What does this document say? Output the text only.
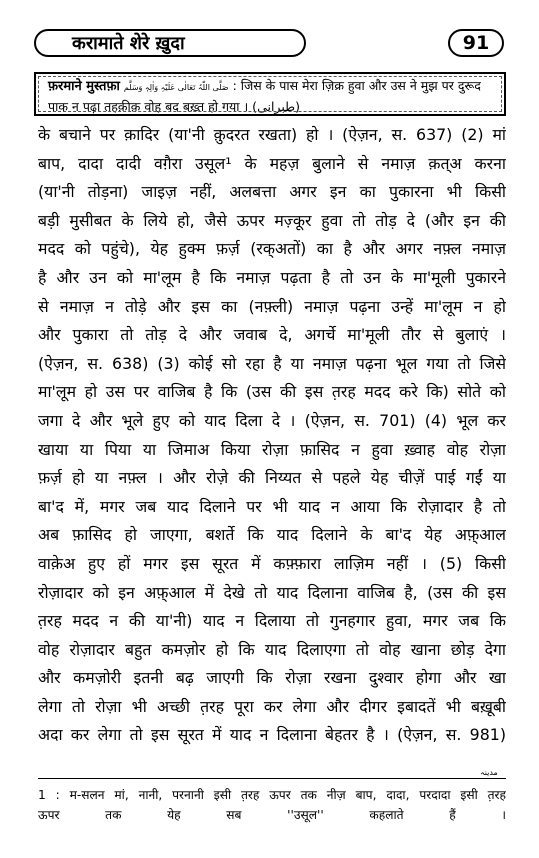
करामाते शेरे ख़ुदा	91
फ़रमाने मुस्तफ़ा صَلَّی اللّٰہُ تَعَالٰی عَلَیْہِ وَاٰلِہٖ وَسَلَّم : जिस के पास मेरा ज़िक्र हुवा और उस ने मुझ पर दुरूद
पाक न पढ़ा तहक़ीक़ वोह बद बख़्त हो गया । (طبرانی)
के बचाने पर क़ादिर (या'नी क़ुदरत रखता) हो । (ऐज़न, स. 637) (2) मां
बाप, दादा दादी वग़ैरा उसूल¹ के महज़ बुलाने से नमाज़ क़त्अ करना
(या'नी तोड़ना) जाइज़ नहीं, अलबत्ता अगर इन का पुकारना भी किसी
बड़ी मुसीबत के लिये हो, जैसे ऊपर मज़्कूर हुवा तो तोड़ दे (और इन की
मदद को पहुंचे), येह हुक्म फ़र्ज़ (रक्अतों) का है और अगर नफ़्ल नमाज़
है और उन को मा'लूम है कि नमाज़ पढ़ता है तो उन के मा'मूली पुकारने
से नमाज़ न तोड़े और इस का (नफ़्ली) नमाज़ पढ़ना उन्हें मा'लूम न हो
और पुकारा तो तोड़ दे और जवाब दे, अगर्चे मा'मूली तौर से बुलाएं ।
(ऐज़न, स. 638) (3) कोई सो रहा है या नमाज़ पढ़ना भूल गया तो जिसे
मा'लूम हो उस पर वाजिब है कि (उस की इस त़रह मदद करे कि) सोते को
जगा दे और भूले हुए को याद दिला दे । (ऐज़न, स. 701) (4) भूल कर
खाया या पिया या जिमाअ किया रोज़ा फ़ासिद न हुवा ख़्वाह वोह रोज़ा
फ़र्ज़ हो या नफ़्ल । और रोज़े की निय्यत से पहले येह चीज़ें पाई गईं या
बा'द में, मगर जब याद दिलाने पर भी याद न आया कि रोज़ादार है तो
अब फ़ासिद हो जाएगा, बशर्ते कि याद दिलाने के बा'द येह अफ़्आल
वाक़ेअ हुए हों मगर इस सूरत में कफ़्फ़ारा लाज़िम नहीं । (5) किसी
रोज़ादार को इन अफ़्आल में देखे तो याद दिलाना वाजिब है, (उस की इस
त़रह मदद न की या'नी) याद न दिलाया तो गुनहगार हुवा, मगर जब कि
वोह रोज़ादार बहुत कमज़ोर हो कि याद दिलाएगा तो वोह खाना छोड़ देगा
और कमज़ोरी इतनी बढ़ जाएगी कि रोज़ा रखना दुश्वार होगा और खा
लेगा तो रोज़ा भी अच्छी त़रह पूरा कर लेगा और दीगर इबादतें भी बख़ूबी
अदा कर लेगा तो इस सूरत में याद न दिलाना बेहतर है । (ऐज़न, स. 981)
مدینہ
1 : म-सलन मां, नानी, परनानी इसी त़रह ऊपर तक नीज़ बाप, दादा, परदादा इसी त़रह
ऊपर तक येह सब ''उसूल'' कहलाते हैं ।
